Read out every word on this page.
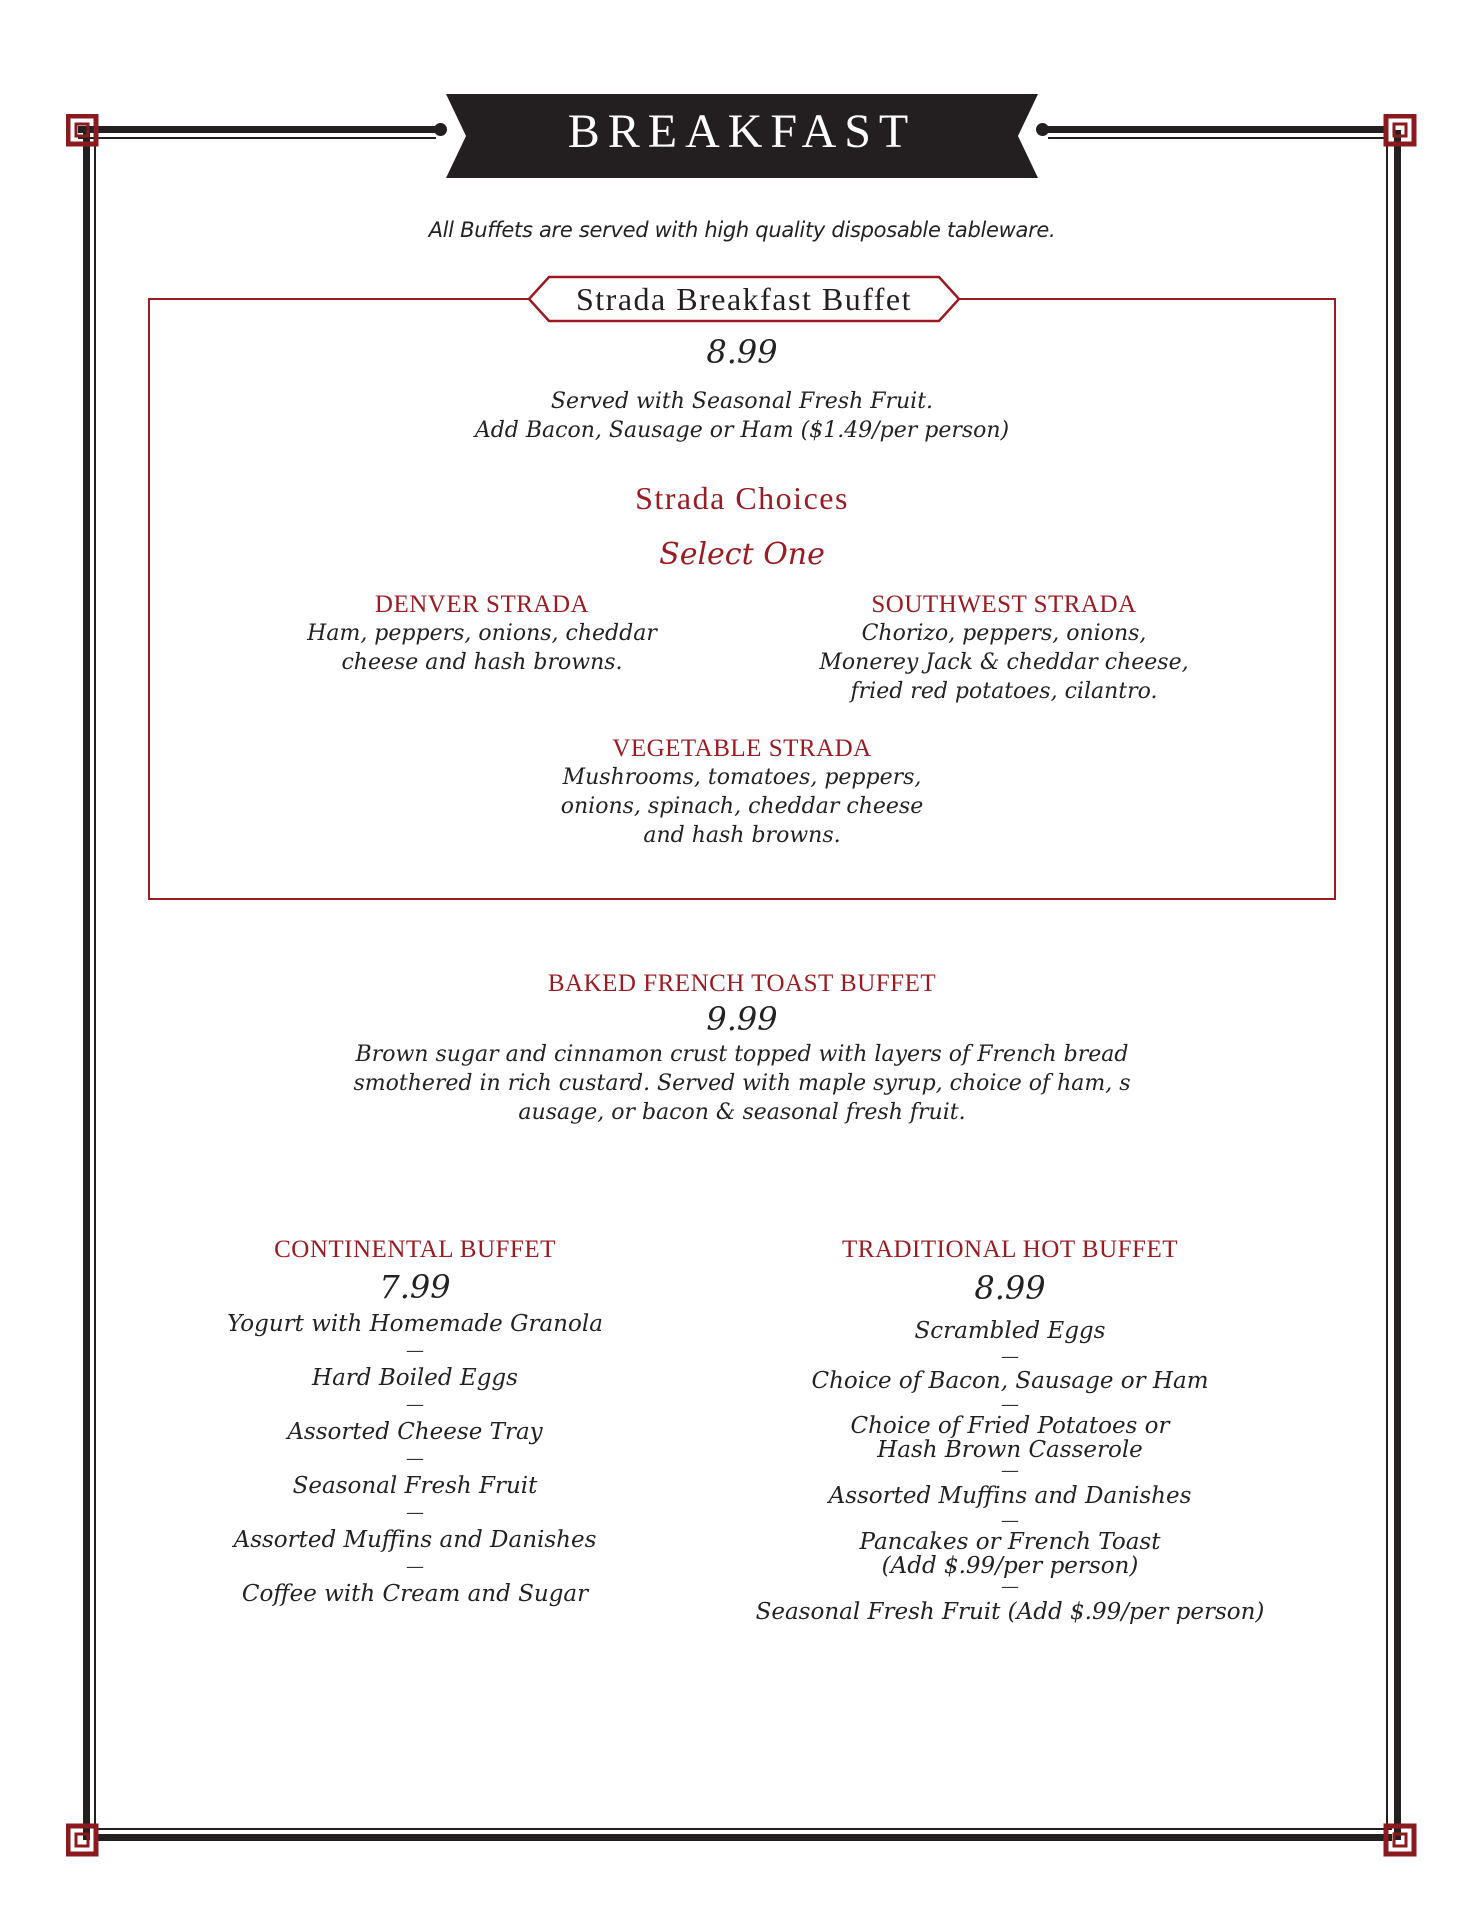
BREAKFAST
All Buffets are served with high quality disposable tableware.
Strada Breakfast Buffet
8.99
Served with Seasonal Fresh Fruit.
Add Bacon, Sausage or Ham ($1.49/per person)
Strada Choices
Select One
DENVER STRADA
Ham, peppers, onions, cheddar
cheese and hash browns.
SOUTHWEST STRADA
Chorizo, peppers, onions,
Monerey Jack & cheddar cheese,
fried red potatoes, cilantro.
VEGETABLE STRADA
Mushrooms, tomatoes, peppers,
onions, spinach, cheddar cheese
and hash browns.
BAKED FRENCH TOAST BUFFET
9.99
Brown sugar and cinnamon crust topped with layers of French bread
smothered in rich custard. Served with maple syrup, choice of ham, s
ausage, or bacon & seasonal fresh fruit.
CONTINENTAL BUFFET
7.99
Yogurt with Homemade Granola
—
Hard Boiled Eggs
—
Assorted Cheese Tray
—
Seasonal Fresh Fruit
—
Assorted Muffins and Danishes
—
Coffee with Cream and Sugar
TRADITIONAL HOT BUFFET
8.99
Scrambled Eggs
—
Choice of Bacon, Sausage or Ham
—
Choice of Fried Potatoes or
Hash Brown Casserole
—
Assorted Muffins and Danishes
—
Pancakes or French Toast
(Add $.99/per person)
—
Seasonal Fresh Fruit (Add $.99/per person)
